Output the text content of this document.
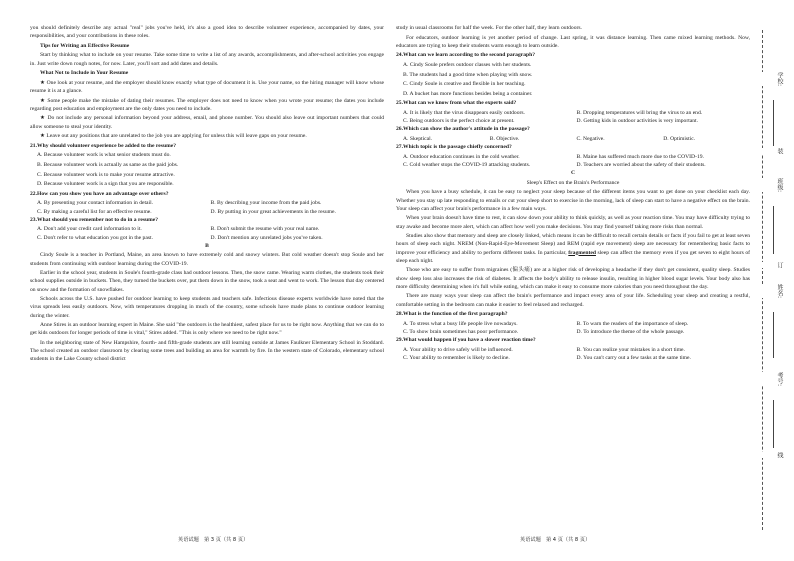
you should definitely describe any actual "real" jobs you've held, it's also a good idea to describe volunteer experience, accompanied by dates, your responsibilities, and your contributions in these roles.

Tips for Writing an Effective Resume

Start by thinking what to include on your resume. Take some time to write a list of any awards, accomplishments, and after-school activities you engage in. Just write down rough notes, for now. Later, you'll sort and add dates and details.

What Not to Include in Your Resume

★ One look at your resume, and the employer should know exactly what type of document it is. Use your name, so the hiring manager will know whose resume it is at a glance.

★ Some people make the mistake of dating their resumes. The employer does not need to know when you wrote your resume; the dates you include regarding post education and employment are the only dates you need to include.

★ Do not include any personal information beyond your address, email, and phone number. You should also leave out important numbers that could allow someone to steal your identity.

★ Leave out any positions that are unrelated to the job you are applying for unless this will leave gaps on your resume.

21.Why should volunteer experience be added to the resume?

A. Because volunteer work is what senior students must do.

B. Because volunteer work is actually as same as the paid jobs.

C. Because volunteer work is to make your resume attractive.

D. Because volunteer work is a sign that you are responsible.

22.How can you show you have an advantage over others?

A. By presenting your contact information in detail.	B. By describing your income from the paid jobs.
C. By making a careful list for an effective resume.	D. By putting in your great achievements in the resume.

23.What should you remember not to do in a resume?

A. Don't add your credit card information to it.	B. Don't submit the resume with your real name.
C. Don't refer to what education you got in the past.	D. Don't mention any unrelated jobs you've taken.

B

Cindy Soule is a teacher in Portland, Maine, an area known to have extremely cold and snowy winters. But cold weather doesn't stop Soule and her students from continuing with outdoor learning during the COVID-19.

Earlier in the school year, students in Soule's fourth-grade class had outdoor lessons. Then, the snow came. Wearing warm clothes, the students took their school supplies outside in buckets. Then, they turned the buckets over, put them down in the snow, took a seat and went to work. The lesson that day centered on snow and the formation of snowflakes.

Schools across the U.S. have pushed for outdoor learning to keep students and teachers safe. Infectious disease experts worldwide have noted that the virus spreads less easily outdoors. Now, with temperatures dropping in much of the country, some schools have made plans to continue outdoor learning during the winter.

Anne Stires is an outdoor learning expert in Maine. She said "the outdoors is the healthiest, safest place for us to be right now. Anything that we can do to get kids outdoors for longer periods of time is vital," Stires added. "This is only where we need to be right now."

In the neighboring state of New Hampshire, fourth- and fifth-grade students are still learning outside at James Faulkner Elementary School in Stoddard. The school created an outdoor classroom by clearing some trees and building an area for warmth by fire. In the western state of Colorado, elementary school students in the Lake County school district

study in usual classrooms for half the week. For the other half, they learn outdoors.

For educators, outdoor learning is yet another period of change. Last spring, it was distance learning. Then came mixed learning methods. Now, educators are trying to keep their students warm enough to learn outside.

24.What can we learn according to the second paragraph?

A. Cindy Soule prefers outdoor classes with her students.

B. The students had a good time when playing with snow.

C. Cindy Soule is creative and flexible in her teaching.

D. A bucket has more functions besides being a container.

25.What can we know from what the experts said?

A. It is likely that the virus disappears easily outdoors.	B. Dropping temperatures will bring the virus to an end.
C. Being outdoors is the perfect choice at present.	D. Getting kids in outdoor activities is very important.

26.Which can show the author's attitude in the passage?

A. Skeptical.	B. Objective.	C. Negative.	D. Optimistic.

27.Which topic is the passage chiefly concerned?

A. Outdoor education continues in the cold weather.	B. Maine has suffered much more due to the COVID-19.
C. Cold weather stops the COVID-19 attacking students.	D. Teachers are worried about the safety of their students.

C

Sleep's Effect on the Brain's Performance

When you have a busy schedule, it can be easy to neglect your sleep because of the different items you want to get done on your checklist each day. Whether you stay up late responding to emails or cut your sleep short to exercise in the morning, lack of sleep can start to have a negative effect on the brain. Your sleep can affect your brain's performance in a few main ways.

When your brain doesn't have time to rest, it can slow down your ability to think quickly, as well as your reaction time. You may have difficulty trying to stay awake and become more alert, which can affect how well you make decisions. You may find yourself taking more risks than normal.

Studies also show that memory and sleep are closely linked, which means it can be difficult to recall certain details or facts if you fail to get at least seven hours of sleep each night. NREM (Non-Rapid-Eye-Movement Sleep) and REM (rapid eye movement) sleep are necessary for remembering basic facts to improve your efficiency and ability to perform different tasks. In particular, fragmented sleep can affect the memory even if you get seven to eight hours of sleep each night.

Those who are easy to suffer from migraines (偏头痛) are at a higher risk of developing a headache if they don't get consistent, quality sleep. Studies show sleep loss also increases the risk of diabetes. It affects the body's ability to release insulin, resulting in higher blood sugar levels. Your body also has more difficulty determining when it's full while eating, which can make it easy to consume more calories than you need throughout the day.

There are many ways your sleep can affect the brain's performance and impact every area of your life. Scheduling your sleep and creating a restful, comfortable setting in the bedroom can make it easier to feel relaxed and recharged.

28.What is the function of the first paragraph?

A. To stress what a busy life people live nowadays.	B. To warn the readers of the importance of sleep.
C. To show brain sometimes has poor performance.	D. To introduce the theme of the whole passage.

29.What would happen if you have a slower reaction time?

A. Your ability to drive safely will be influenced.	B. You can realize your mistakes in a short time.
C. Your ability to remember is likely to decline.	D. You can't carry out a few tasks at the same time.
英语试题　第 3 页（共 8 页）	英语试题　第 4 页（共 8 页）
学校:
装
班级:
订
姓名:
考号:
线
